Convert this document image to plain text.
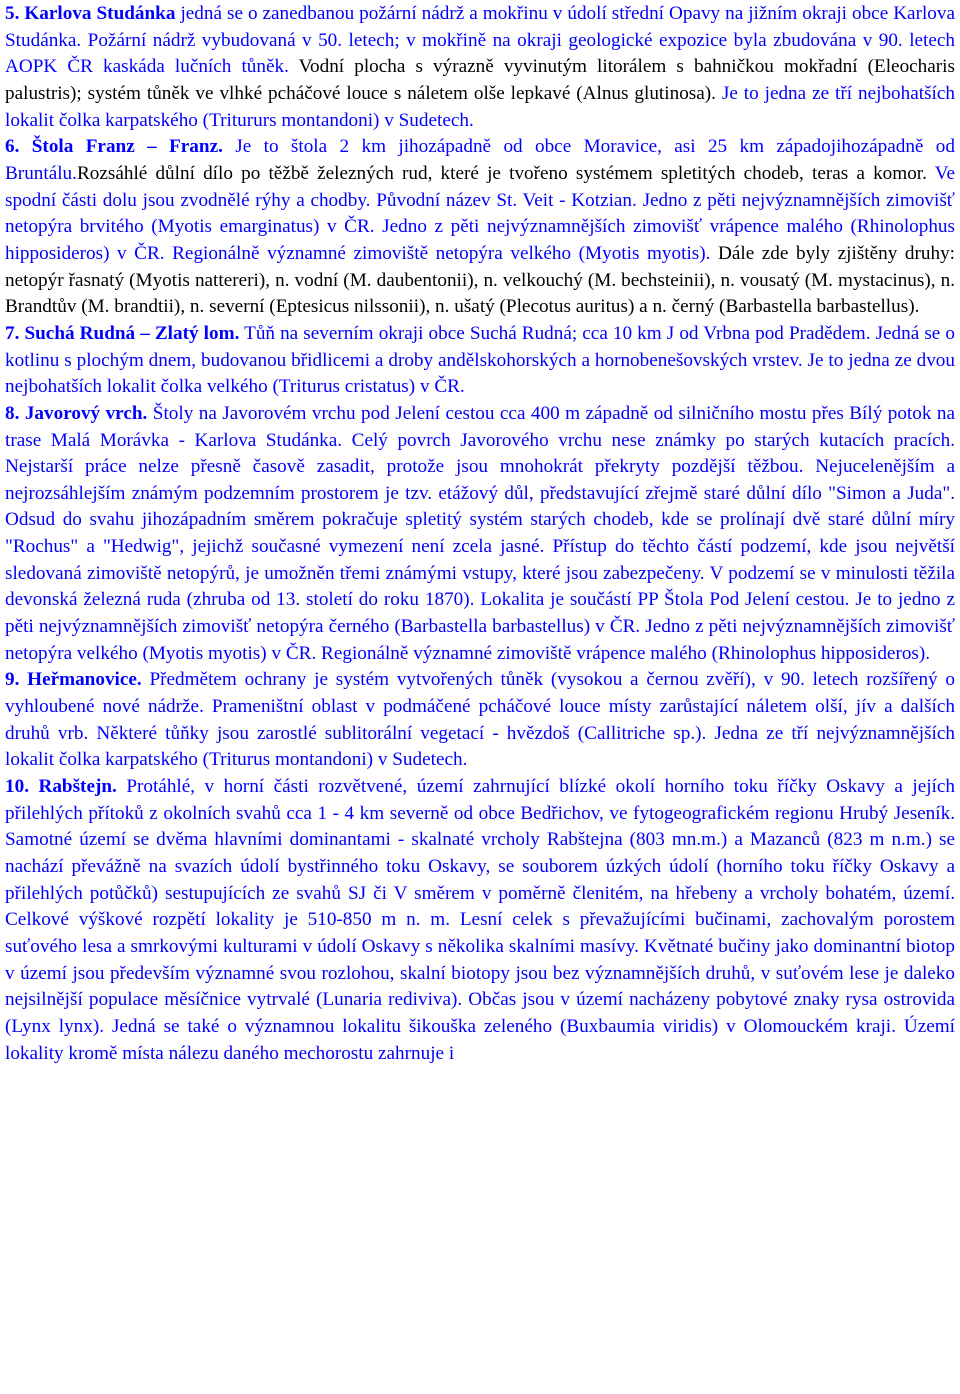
5. Karlova Studánka jedná se o zanedbanou požární nádrž a mokřinu v údolí střední Opavy na jižním okraji obce Karlova Studánka. Požární nádrž vybudovaná v 50. letech; v mokřině na okraji geologické expozice byla zbudována v 90. letech AOPK ČR kaskáda lučních tůněk. Vodní plocha s výrazně vyvinutým litorálem s bahničkou mokřadní (Eleocharis palustris); systém tůněk ve vlhké pcháčové louce s náletem olše lepkavé (Alnus glutinosa). Je to jedna ze tří nejbohatších lokalit čolka karpatského (Tritururs montandoni) v Sudetech.

6. Štola Franz – Franz. Je to štola 2 km jihozápadně od obce Moravice, asi 25 km západojihozápadně od Bruntálu.Rozsáhlé důlní dílo po těžbě železných rud, které je tvořeno systémem spletitých chodeb, teras a komor. Ve spodní části dolu jsou zvodnělé rýhy a chodby. Původní název St. Veit - Kotzian. Jedno z pěti nejvýznamnějších zimovišť netopýra brvitého (Myotis emarginatus) v ČR. Jedno z pěti nejvýznamnějších zimovišť vrápence malého (Rhinolophus hipposideros) v ČR. Regionálně významné zimoviště netopýra velkého (Myotis myotis). Dále zde byly zjištěny druhy: netopýr řasnatý (Myotis nattereri), n. vodní (M. daubentonii), n. velkouchý (M. bechsteinii), n. vousatý (M. mystacinus), n. Brandtův (M. brandtii), n. severní (Eptesicus nilssonii), n. ušatý (Plecotus auritus) a n. černý (Barbastella barbastellus).

7. Suchá Rudná – Zlatý lom. Tůň na severním okraji obce Suchá Rudná; cca 10 km J od Vrbna pod Pradědem. Jedná se o kotlinu s plochým dnem, budovanou břidlicemi a droby andělskohorských a hornobenešovských vrstev. Je to jedna ze dvou nejbohatších lokalit čolka velkého (Triturus cristatus) v ČR.

8. Javorový vrch. Štoly na Javorovém vrchu pod Jelení cestou cca 400 m západně od silničního mostu přes Bílý potok na trase Malá Morávka - Karlova Studánka. Celý povrch Javorového vrchu nese známky po starých kutacích pracích. Nejstarší práce nelze přesně časově zasadit, protože jsou mnohokrát překryty pozdější těžbou. Nejucelenějším a nejrozsáhlejším známým podzemním prostorem je tzv. etážový důl, představující zřejmě staré důlní dílo "Simon a Juda". Odsud do svahu jihozápadním směrem pokračuje spletitý systém starých chodeb, kde se prolínají dvě staré důlní míry "Rochus" a "Hedwig", jejichž současné vymezení není zcela jasné. Přístup do těchto částí podzemí, kde jsou největší sledovaná zimoviště netopýrů, je umožněn třemi známými vstupy, které jsou zabezpečeny. V podzemí se v minulosti těžila devonská železná ruda (zhruba od 13. století do roku 1870). Lokalita je součástí PP Štola Pod Jelení cestou. Je to jedno z pěti nejvýznamnějších zimovišť netopýra černého (Barbastella barbastellus) v ČR. Jedno z pěti nejvýznamnějších zimovišť netopýra velkého (Myotis myotis) v ČR. Regionálně významné zimoviště vrápence malého (Rhinolophus hipposideros).

9. Heřmanovice. Předmětem ochrany je systém vytvořených tůněk (vysokou a černou zvěří), v 90. letech rozšířený o vyhloubené nové nádrže. Prameništní oblast v podmáčené pcháčové louce místy zarůstající náletem olší, jív a dalších druhů vrb. Některé tůňky jsou zarostlé sublitorální vegetací - hvězdoš (Callitriche sp.). Jedna ze tří nejvýznamnějších lokalit čolka karpatského (Triturus montandoni) v Sudetech.

10. Rabštejn. Protáhlé, v horní části rozvětvené, území zahrnující blízké okolí horního toku říčky Oskavy a jejích přilehlých přítoků z okolních svahů cca 1 - 4 km severně od obce Bedřichov, ve fytogeografickém regionu Hrubý Jeseník. Samotné území se dvěma hlavními dominantami - skalnaté vrcholy Rabštejna (803 mn.m.) a Mazanců (823 m n.m.) se nachází převážně na svazích údolí bystřinného toku Oskavy, se souborem úzkých údolí (horního toku říčky Oskavy a přilehlých potůčků) sestupujících ze svahů SJ či V směrem v poměrně členitém, na hřebeny a vrcholy bohatém, území. Celkové výškové rozpětí lokality je 510-850 m n. m. Lesní celek s převažujícími bučinami, zachovalým porostem suťového lesa a smrkovými kulturami v údolí Oskavy s několika skalními masívy. Květnaté bučiny jako dominantní biotop v území jsou především významné svou rozlohou, skalní biotopy jsou bez významnějších druhů, v suťovém lese je daleko nejsilnější populace měsíčnice vytrvalé (Lunaria rediviva). Občas jsou v území nacházeny pobytové znaky rysa ostrovida (Lynx lynx). Jedná se také o významnou lokalitu šikouška zeleného (Buxbaumia viridis) v Olomouckém kraji. Území lokality kromě místa nálezu daného mechorostu zahrnuje i
